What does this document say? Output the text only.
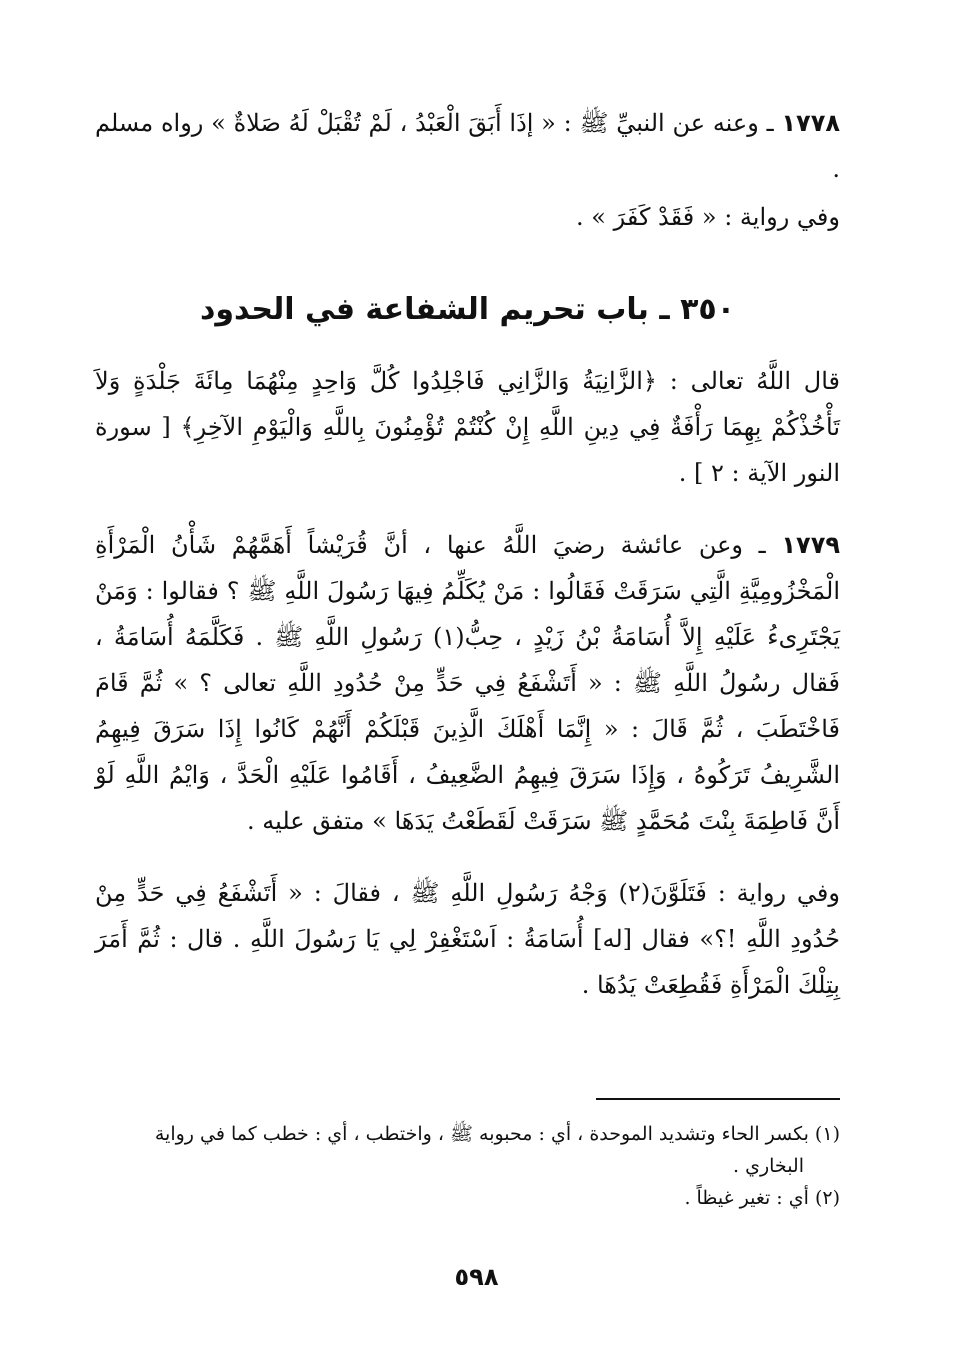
١٧٧٨ ـ وعنه عن النبيِّ ﷺ : « إذَا أَبَقَ الْعَبْدُ ، لَمْ تُقْبَلْ لَهُ صَلاةٌ » رواه مسلم .

وفي رواية : « فَقَدْ كَفَرَ » .

٣٥٠ ـ باب تحريم الشفاعة في الحدود

قال اللَّهُ تعالى : ﴿الزَّانِيَةُ وَالزَّانِي فَاجْلِدُوا كُلَّ وَاحِدٍ مِنْهُمَا مِائَةَ جَلْدَةٍ وَلاَ تَأْخُذْكُمْ بِهِمَا رَأْفَةٌ فِي دِينِ اللَّهِ إِنْ كُنْتُمْ تُؤْمِنُونَ بِاللَّهِ وَالْيَوْمِ الآخِرِ﴾ [ سورة النور الآية : ٢ ] .

١٧٧٩ ـ وعن عائشة رضيَ اللَّهُ عنها ، أنَّ قُرَيْشاً أَهَمَّهُمْ شَأْنُ الْمَرْأَةِ الْمَخْزُومِيَّةِ الَّتِي سَرَقَتْ فَقَالُوا : مَنْ يُكَلِّمُ فِيهَا رَسُولَ اللَّهِ ﷺ ؟ فقالوا : وَمَنْ يَجْتَرِىءُ عَلَيْهِ إِلاَّ أُسَامَةُ بْنُ زَيْدٍ ، حِبُّ(١) رَسُولِ اللَّهِ ﷺ . فَكَلَّمَهُ أُسَامَةُ ، فَقال رسُولُ اللَّهِ ﷺ : « أَتَشْفَعُ فِي حَدٍّ مِنْ حُدُودِ اللَّهِ تعالى ؟ » ثُمَّ قَامَ فَاخْتَطَبَ ، ثُمَّ قَالَ : « إِنَّمَا أَهْلَكَ الَّذِينَ قَبْلَكُمْ أَنَّهُمْ كَانُوا إِذَا سَرَقَ فِيهِمُ الشَّرِيفُ تَرَكُوهُ ، وَإِذَا سَرَقَ فِيهِمُ الضَّعِيفُ ، أَقَامُوا عَلَيْهِ الْحَدَّ ، وَايْمُ اللَّهِ لَوْ أَنَّ فَاطِمَةَ بِنْتَ مُحَمَّدٍ ﷺ سَرَقَتْ لَقَطَعْتُ يَدَهَا » متفق عليه .

وفي رواية : فَتَلَوَّنَ(٢) وَجْهُ رَسُولِ اللَّهِ ﷺ ، فقالَ : « أَتَشْفَعُ فِي حَدٍّ مِنْ حُدُودِ اللَّهِ !؟» فقال [له] أُسَامَةُ : اَسْتَغْفِرْ لِي يَا رَسُولَ اللَّهِ . قال : ثُمَّ أَمَرَ بِتِلْكَ الْمَرْأَةِ فَقُطِعَتْ يَدُهَا .

(١) بكسر الحاء وتشديد الموحدة ، أي : محبوبه ﷺ ، واختطب ، أي : خطب كما في رواية

البخاري .

(٢) أي : تغير غيظاً .

٥٩٨
